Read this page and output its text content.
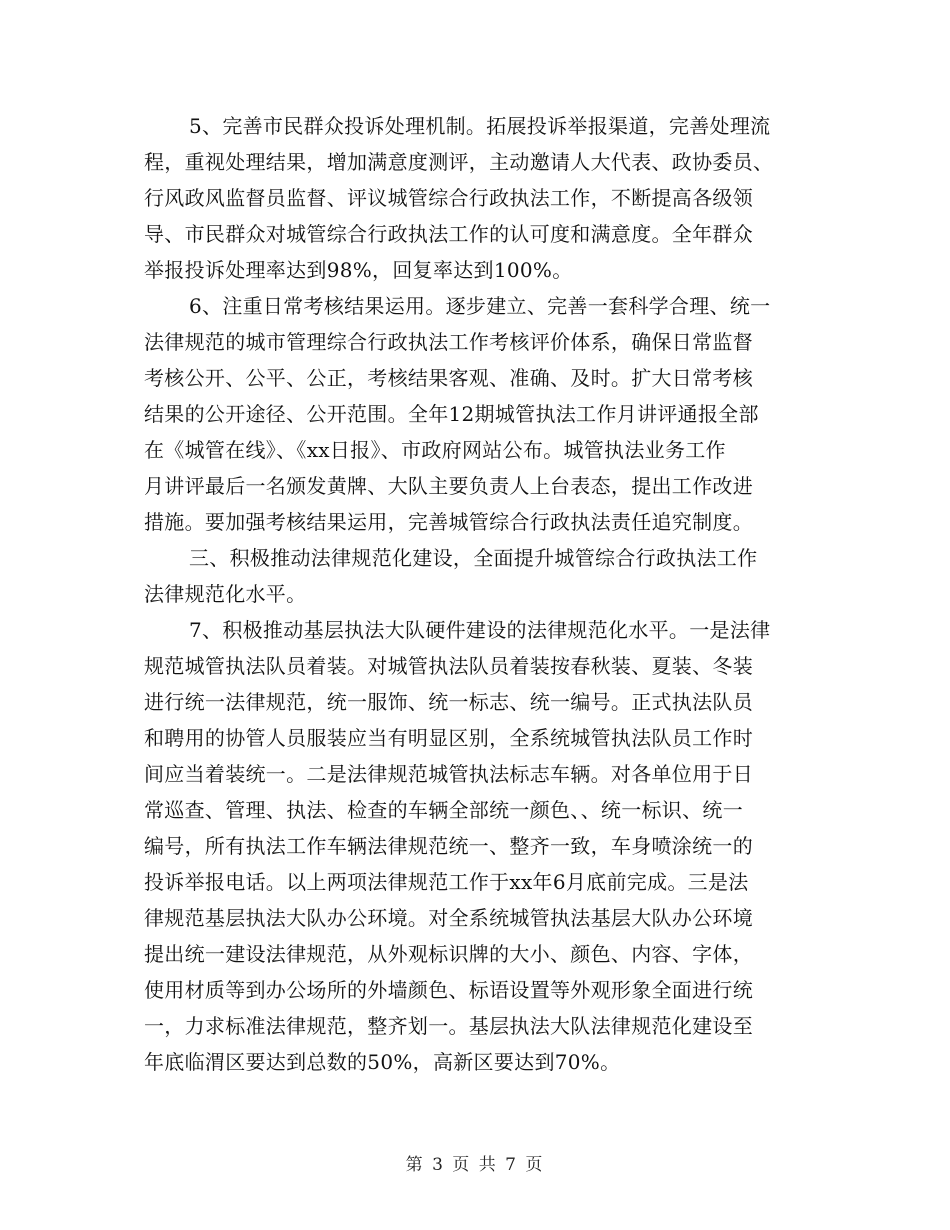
5、完善市民群众投诉处理机制。拓展投诉举报渠道，完善处理流
程，重视处理结果，增加满意度测评，主动邀请人大代表、政协委员、
行风政风监督员监督、评议城管综合行政执法工作，不断提高各级领
导、市民群众对城管综合行政执法工作的认可度和满意度。全年群众
举报投诉处理率达到98%，回复率达到100%。

6、注重日常考核结果运用。逐步建立、完善一套科学合理、统一
法律规范的城市管理综合行政执法工作考核评价体系，确保日常监督
考核公开、公平、公正，考核结果客观、准确、及时。扩大日常考核
结果的公开途径、公开范围。全年12期城管执法工作月讲评通报全部
在《城管在线》、《xx日报》、市政府网站公布。城管执法业务工作
月讲评最后一名颁发黄牌、大队主要负责人上台表态，提出工作改进
措施。要加强考核结果运用，完善城管综合行政执法责任追究制度。

三、积极推动法律规范化建设，全面提升城管综合行政执法工作
法律规范化水平。

7、积极推动基层执法大队硬件建设的法律规范化水平。一是法律
规范城管执法队员着装。对城管执法队员着装按春秋装、夏装、冬装
进行统一法律规范，统一服饰、统一标志、统一编号。正式执法队员
和聘用的协管人员服装应当有明显区别，全系统城管执法队员工作时
间应当着装统一。二是法律规范城管执法标志车辆。对各单位用于日
常巡查、管理、执法、检查的车辆全部统一颜色、、统一标识、统一
编号，所有执法工作车辆法律规范统一、整齐一致，车身喷涂统一的
投诉举报电话。以上两项法律规范工作于xx年6月底前完成。三是法
律规范基层执法大队办公环境。对全系统城管执法基层大队办公环境
提出统一建设法律规范，从外观标识牌的大小、颜色、内容、字体，
使用材质等到办公场所的外墙颜色、标语设置等外观形象全面进行统
一，力求标准法律规范，整齐划一。基层执法大队法律规范化建设至
年底临渭区要达到总数的50%，高新区要达到70%。

第 3 页 共 7 页
